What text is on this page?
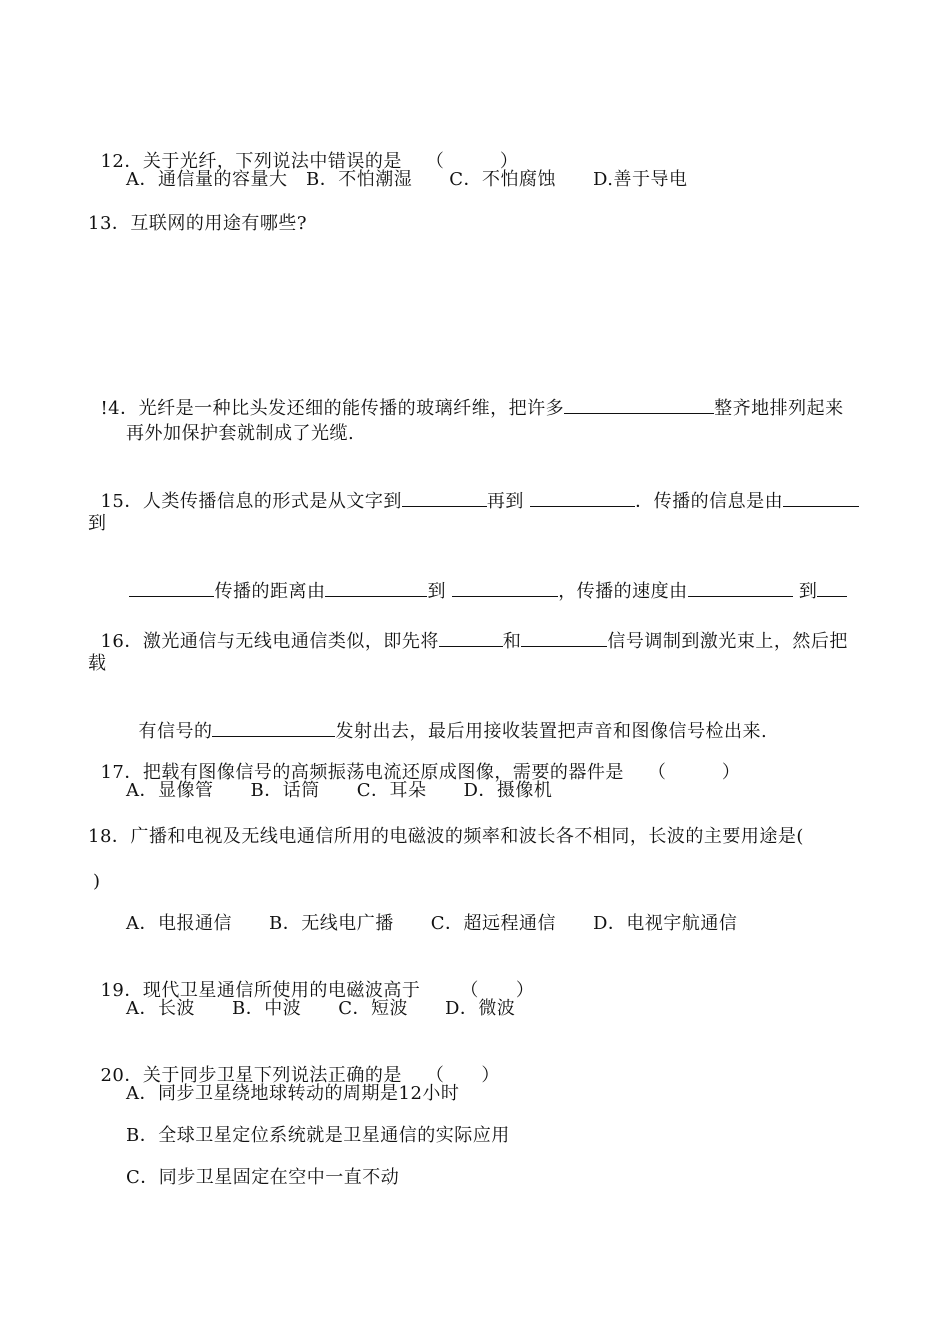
12．关于光纤，下列说法中错误的是 （　　　）

A．通信量的容量大　B．不怕潮湿　　C．不怕腐蚀　　D.善于导电
13．互联网的用途有哪些?

!4．光纤是一种比头发还细的能传播的玻璃纤维，把许多	整齐地排列起来

再外加保护套就制成了光缆.

15．人类传播信息的形式是从文字到	再到	．传播的信息是由

到

传播的距离由	到	，传播的速度由	到

16．激光通信与无线电通信类似，即先将	和	信号调制到激光束上，然后把

载

有信号的	发射出去，最后用接收装置把声音和图像信号检出来.

17．把载有图像信号的高频振荡电流还原成图像，需要的器件是 （　　　）

A．显像管　　B．话筒　　C．耳朵　　D．摄像机
18．广播和电视及无线电通信所用的电磁波的频率和波长各不相同，长波的主要用途是(
)
A．电报通信　　B．无线电广播　　C．超远程通信　　D．电视宇航通信

19．现代卫星通信所使用的电磁波高于 （　　）

A．长波　　B．中波　　C．短波　　D．微波

20．关于同步卫星下列说法正确的是 （　　）

A．同步卫星绕地球转动的周期是12小时
B．全球卫星定位系统就是卫星通信的实际应用
C．同步卫星固定在空中一直不动
